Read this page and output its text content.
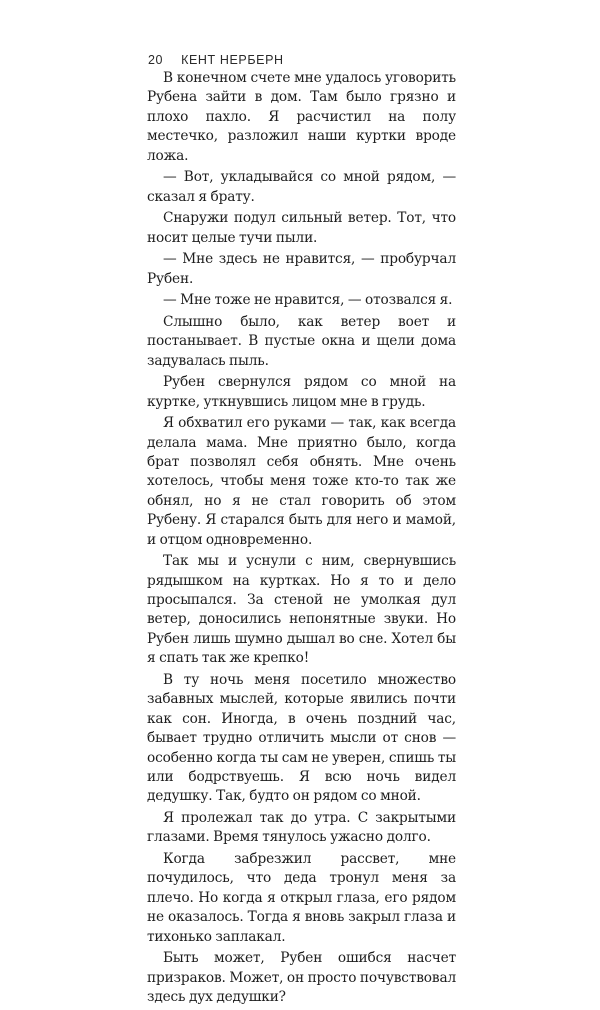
20 КЕНТ НЕРБЕРН

В конечном счете мне удалось уговорить Рубена зайти в дом. Там было грязно и плохо пахло. Я расчистил на полу местечко, разложил наши куртки вроде ложа.

— Вот, укладывайся со мной рядом, — сказал я брату.

Снаружи подул сильный ветер. Тот, что носит целые тучи пыли.

— Мне здесь не нравится, — пробурчал Рубен.

— Мне тоже не нравится, — отозвался я.

Слышно было, как ветер воет и постанывает. В пустые окна и щели дома задувалась пыль.

Рубен свернулся рядом со мной на куртке, уткнувшись лицом мне в грудь.

Я обхватил его руками — так, как всегда делала мама. Мне приятно было, когда брат позволял себя обнять. Мне очень хотелось, чтобы меня тоже кто-то так же обнял, но я не стал говорить об этом Рубену. Я старался быть для него и мамой, и отцом одновременно.

Так мы и уснули с ним, свернувшись рядышком на куртках. Но я то и дело просыпался. За стеной не умолкая дул ветер, доносились непонятные звуки. Но Рубен лишь шумно дышал во сне. Хотел бы я спать так же крепко!

В ту ночь меня посетило множество забавных мыслей, которые явились почти как сон. Иногда, в очень поздний час, бывает трудно отличить мысли от снов — особенно когда ты сам не уверен, спишь ты или бодрствуешь. Я всю ночь видел дедушку. Так, будто он рядом со мной.

Я пролежал так до утра. С закрытыми глазами. Время тянулось ужасно долго.

Когда забрезжил рассвет, мне почудилось, что деда тронул меня за плечо. Но когда я открыл глаза, его рядом не оказалось. Тогда я вновь закрыл глаза и тихонько заплакал.

Быть может, Рубен ошибся насчет призраков. Может, он просто почувствовал здесь дух дедушки?
